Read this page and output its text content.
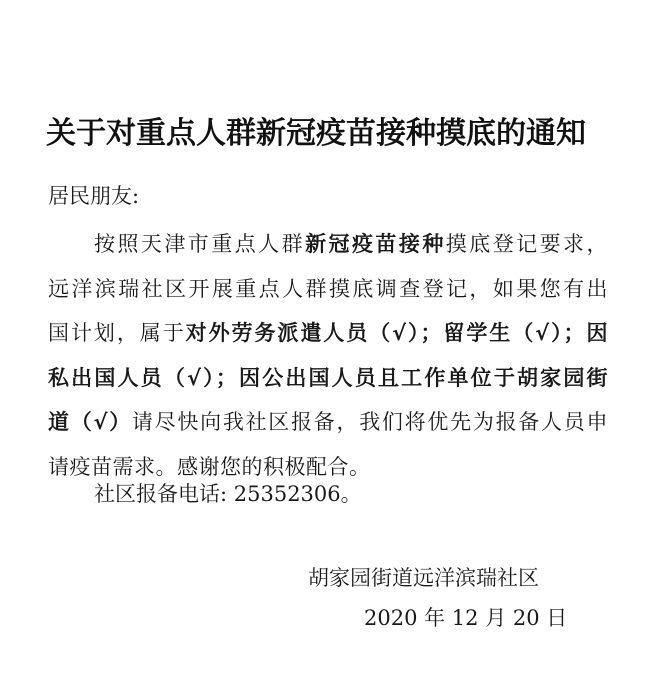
关于对重点人群新冠疫苗接种摸底的通知
居民朋友:
按照天津市重点人群新冠疫苗接种摸底登记要求，
远洋滨瑞社区开展重点人群摸底调查登记，如果您有出
国计划，属于对外劳务派遣人员（√）；留学生（√）；因
私出国人员（√）；因公出国人员且工作单位于胡家园街
道（√）请尽快向我社区报备，我们将优先为报备人员申
请疫苗需求。感谢您的积极配合。
社区报备电话: 25352306。
胡家园街道远洋滨瑞社区
2020 年 12 月 20 日
